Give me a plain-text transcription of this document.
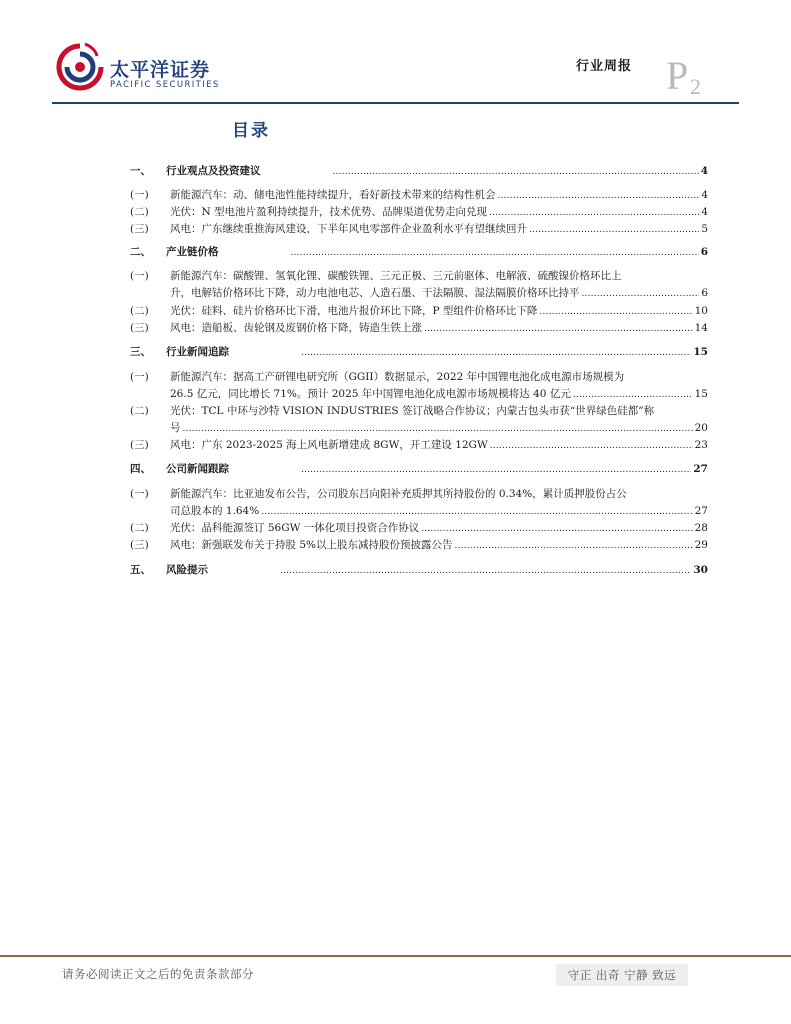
太平洋证券
PACIFIC SECURITIES
行业周报 P 2
目录
一、 行业观点及投资建议 .....	4
(一) 新能源汽车：动、储电池性能持续提升，看好新技术带来的结构性机会 .....	4
(二) 光伏：N 型电池片盈利持续提升，技术优势、品牌渠道优势走向兑现 .....	4
(三) 风电：广东继续重推海风建设，下半年风电零部件企业盈利水平有望继续回升 .....	5
二、 产业链价格 .....	6
(一) 新能源汽车：碳酸锂、氢氧化锂、碳酸铁锂、三元正极、三元前驱体、电解液、硫酸镍价格环比上
升，电解钴价格环比下降，动力电池电芯、人造石墨、干法隔膜、湿法隔膜价格环比持平 .....	6
(二) 光伏：硅料、硅片价格环比下滑，电池片报价环比下降，P 型组件价格环比下降 .....	10
(三) 风电：造船板、齿轮钢及废钢价格下降，铸造生铁上涨 .....	14
三、 行业新闻追踪 .....	15
(一) 新能源汽车：据高工产研锂电研究所（GGII）数据显示，2022 年中国锂电池化成电源市场规模为
26.5 亿元，同比增长 71%。预计 2025 年中国锂电池化成电源市场规模将达 40 亿元 .....	15
(二) 光伏：TCL 中环与沙特 VISION INDUSTRIES 签订战略合作协议；内蒙古包头市获“世界绿色硅都”称
号 .....	20
(三) 风电：广东 2023-2025 海上风电新增建成 8GW，开工建设 12GW .....	23
四、 公司新闻跟踪 .....	27
(一) 新能源汽车：比亚迪发布公告，公司股东吕向阳补充质押其所持股份的 0.34%，累计质押股份占公
司总股本的 1.64% .....	27
(二) 光伏：晶科能源签订 56GW 一体化项目投资合作协议 .....	28
(三) 风电：新强联发布关于持股 5%以上股东减持股份预披露公告 .....	29
五、 风险提示 .....	30
请务必阅读正文之后的免责条款部分	守正 出奇 宁静 致远
